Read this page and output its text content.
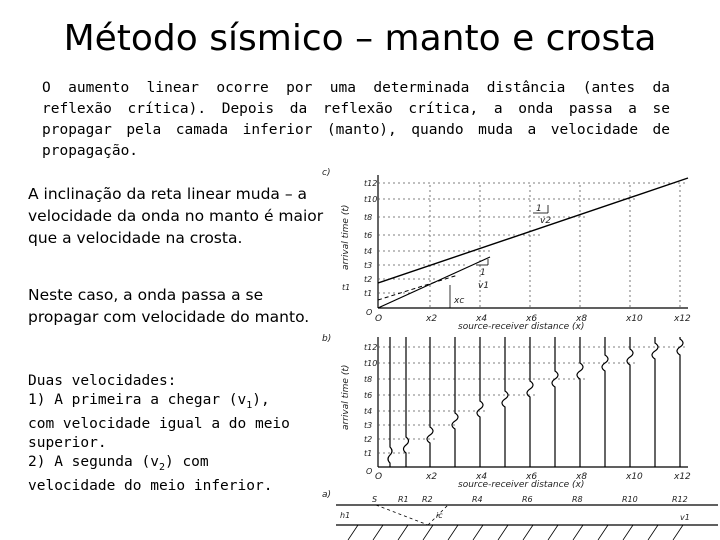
Método sísmico – manto e crosta
O aumento linear ocorre por uma determinada distância (antes da reflexão crítica). Depois da reflexão crítica, a onda passa a se propagar pela camada inferior (manto), quando muda a velocidade de propagação.
A inclinação da reta linear muda – a velocidade da onda no manto é maior que a velocidade na crosta.
Neste caso, a onda passa a se propagar com velocidade do manto.
Duas velocidades:
1) A primeira a chegar $(v_1)$,
com velocidade igual a do meio
superior.
2) A segunda $(v_2)$ com
velocidade do meio inferior.
c)
1
v2
1
v1
xc
t12
t10
t8
t6
t4
t3
t2
t1
t1
O
arrival time (t)
O	x2	x4	x6	x8	x10	x12
source-receiver distance (x)
b)
t12
t10
t8
t6
t4
t3
t2
t1
O
arrival time (t)
O	x2	x4	x6	x8	x10	x12
source-receiver distance (x)
a)	S	R1 R2	R4	R6	R8	R10	R12
h1	v1
ic
